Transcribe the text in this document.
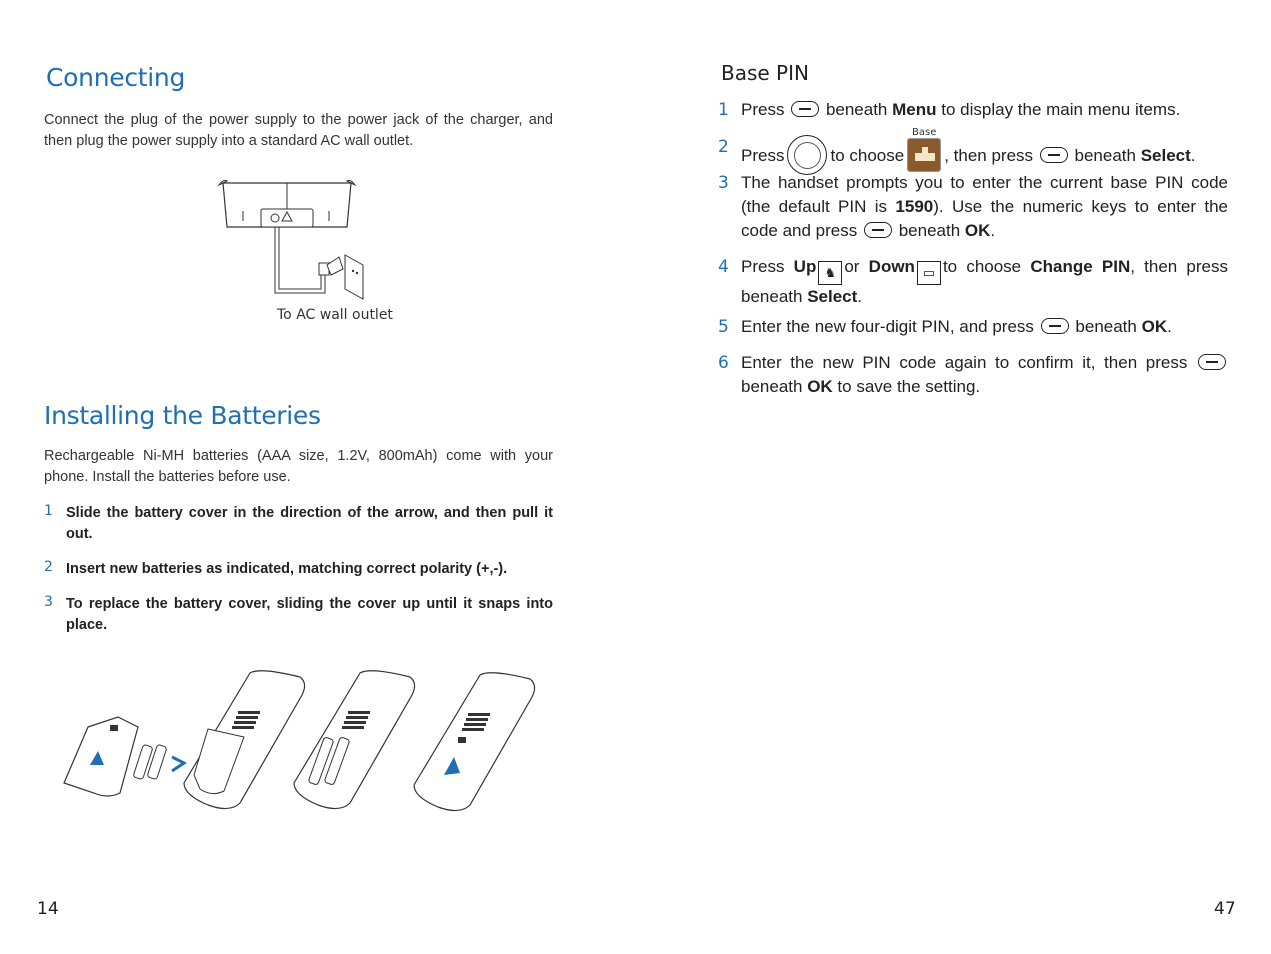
Connecting
Connect the plug of the power supply to the power jack of the charger, and then plug the power supply into a standard AC wall outlet.
To AC wall outlet
Installing the Batteries
Rechargeable Ni-MH batteries (AAA size, 1.2V, 800mAh) come with your phone. Install the batteries before use.
1 Slide the battery cover in the direction of the arrow, and then pull it out.
2 Insert new batteries as indicated, matching correct polarity (+,-).
3 To replace the battery cover, sliding the cover up until it snaps into place.
14
Base PIN
1 Press beneath Menu to display the main menu items.
2 Press	to choose
Base
, then press beneath Select.
3 The handset prompts you to enter the current base PIN code (the default PIN is 1590). Use the numeric keys to enter the code and press beneath OK.
4 Press Up ♞ or Down ▭ to choose Change PIN, then press beneath Select.
5 Enter the new four-digit PIN, and press beneath OK.
6 Enter the new PIN code again to confirm it, then press  beneath OK to save the setting.
47
